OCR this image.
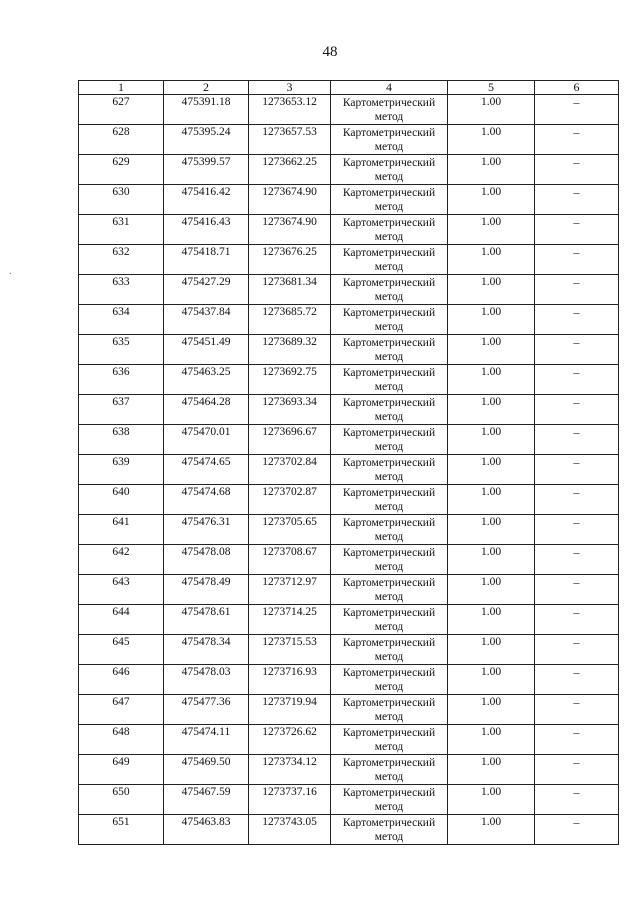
48
.
1	2	3	4	5	6
627	475391.18	1273653.12	Картометрический метод	1.00	–
628	475395.24	1273657.53	Картометрический метод	1.00	–
629	475399.57	1273662.25	Картометрический метод	1.00	–
630	475416.42	1273674.90	Картометрический метод	1.00	–
631	475416.43	1273674.90	Картометрический метод	1.00	–
632	475418.71	1273676.25	Картометрический метод	1.00	–
633	475427.29	1273681.34	Картометрический метод	1.00	–
634	475437.84	1273685.72	Картометрический метод	1.00	–
635	475451.49	1273689.32	Картометрический метод	1.00	–
636	475463.25	1273692.75	Картометрический метод	1.00	–
637	475464.28	1273693.34	Картометрический метод	1.00	–
638	475470.01	1273696.67	Картометрический метод	1.00	–
639	475474.65	1273702.84	Картометрический метод	1.00	–
640	475474.68	1273702.87	Картометрический метод	1.00	–
641	475476.31	1273705.65	Картометрический метод	1.00	–
642	475478.08	1273708.67	Картометрический метод	1.00	–
643	475478.49	1273712.97	Картометрический метод	1.00	–
644	475478.61	1273714.25	Картометрический метод	1.00	–
645	475478.34	1273715.53	Картометрический метод	1.00	–
646	475478.03	1273716.93	Картометрический метод	1.00	–
647	475477.36	1273719.94	Картометрический метод	1.00	–
648	475474.11	1273726.62	Картометрический метод	1.00	–
649	475469.50	1273734.12	Картометрический метод	1.00	–
650	475467.59	1273737.16	Картометрический метод	1.00	–
651	475463.83	1273743.05	Картометрический метод	1.00	–
